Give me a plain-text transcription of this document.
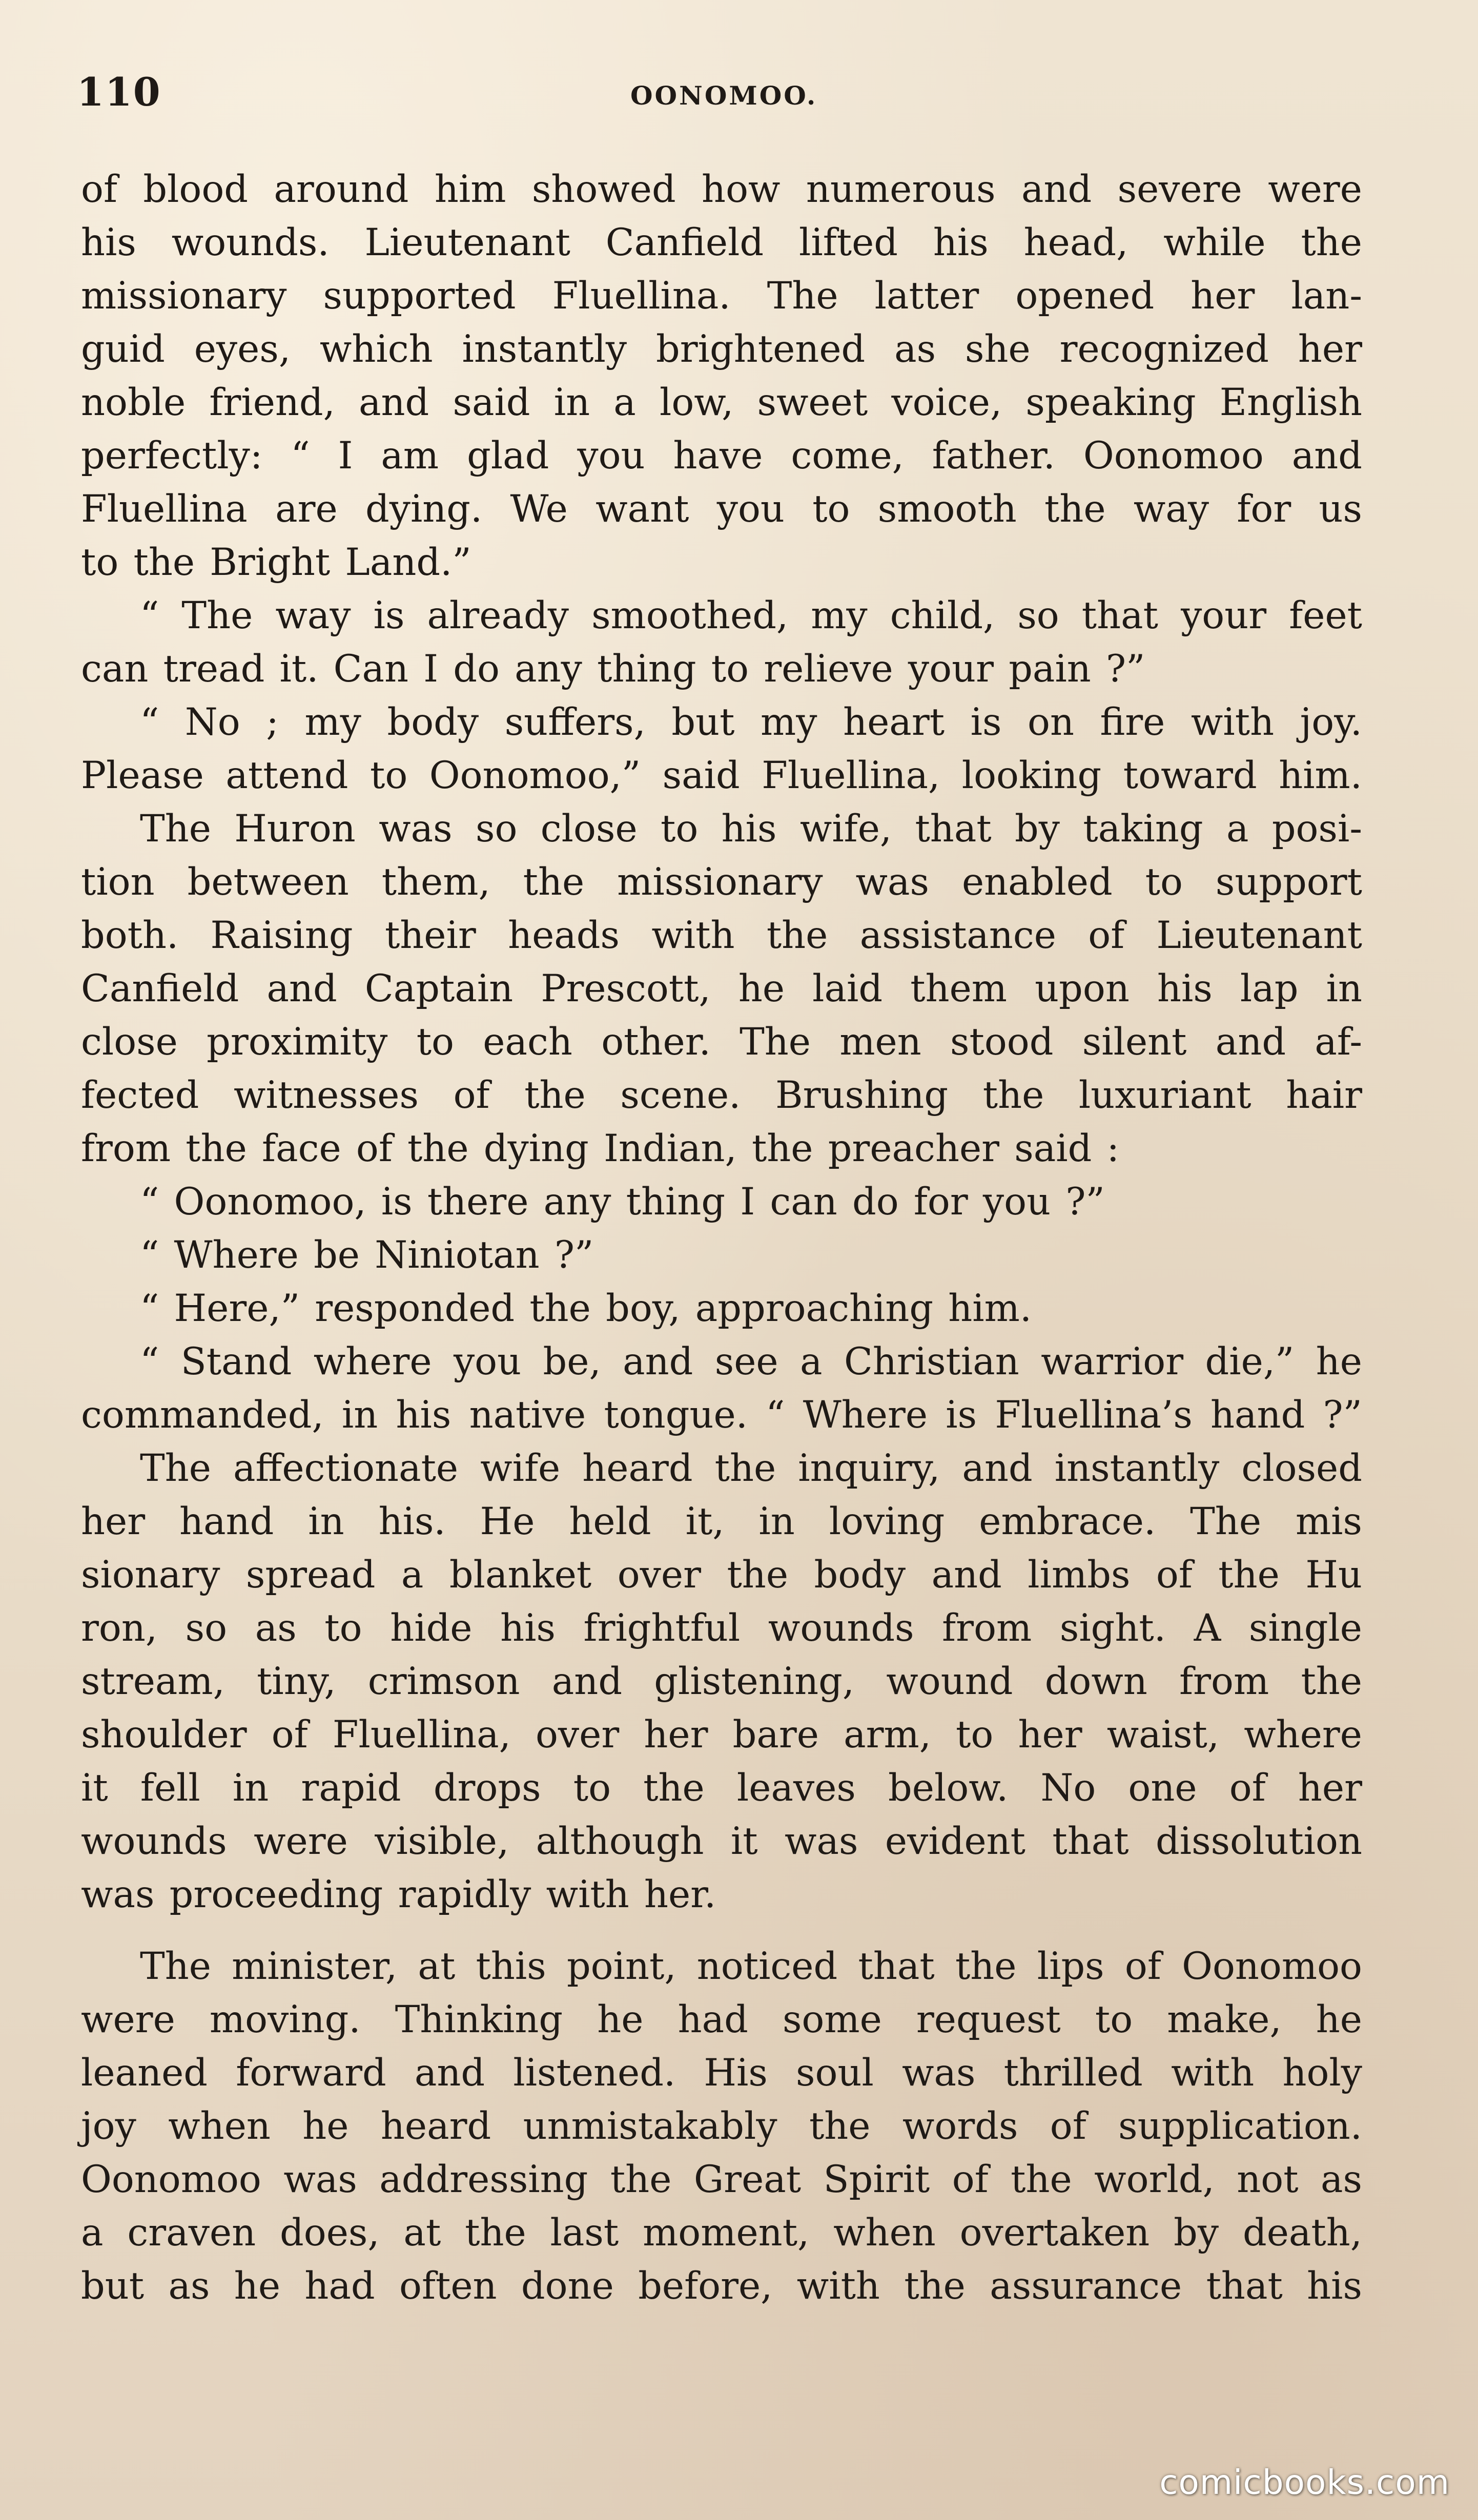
110	OONOMOO.
of blood around him showed how numerous and severe were
his wounds. Lieutenant Canfield lifted his head, while the
missionary supported Fluellina. The latter opened her lan-
guid eyes, which instantly brightened as she recognized her
noble friend, and said in a low, sweet voice, speaking English
perfectly: “ I am glad you have come, father. Oonomoo and
Fluellina are dying. We want you to smooth the way for us
to the Bright Land.”
“ The way is already smoothed, my child, so that your feet
can tread it. Can I do any thing to relieve your pain ?”
“ No ; my body suffers, but my heart is on fire with joy.
Please attend to Oonomoo,” said Fluellina, looking toward him.
The Huron was so close to his wife, that by taking a posi-
tion between them, the missionary was enabled to support
both. Raising their heads with the assistance of Lieutenant
Canfield and Captain Prescott, he laid them upon his lap in
close proximity to each other. The men stood silent and af-
fected witnesses of the scene. Brushing the luxuriant hair
from the face of the dying Indian, the preacher said :
“ Oonomoo, is there any thing I can do for you ?”
“ Where be Niniotan ?”
“ Here,” responded the boy, approaching him.
“ Stand where you be, and see a Christian warrior die,” he
commanded, in his native tongue. “ Where is Fluellina’s hand ?”
The affectionate wife heard the inquiry, and instantly closed
her hand in his. He held it, in loving embrace. The mis
sionary spread a blanket over the body and limbs of the Hu
ron, so as to hide his frightful wounds from sight. A single
stream, tiny, crimson and glistening, wound down from the
shoulder of Fluellina, over her bare arm, to her waist, where
it fell in rapid drops to the leaves below. No one of her
wounds were visible, although it was evident that dissolution
was proceeding rapidly with her.
The minister, at this point, noticed that the lips of Oonomoo
were moving. Thinking he had some request to make, he
leaned forward and listened. His soul was thrilled with holy
joy when he heard unmistakably the words of supplication.
Oonomoo was addressing the Great Spirit of the world, not as
a craven does, at the last moment, when overtaken by death,
but as he had often done before, with the assurance that his
comicbooks.com
